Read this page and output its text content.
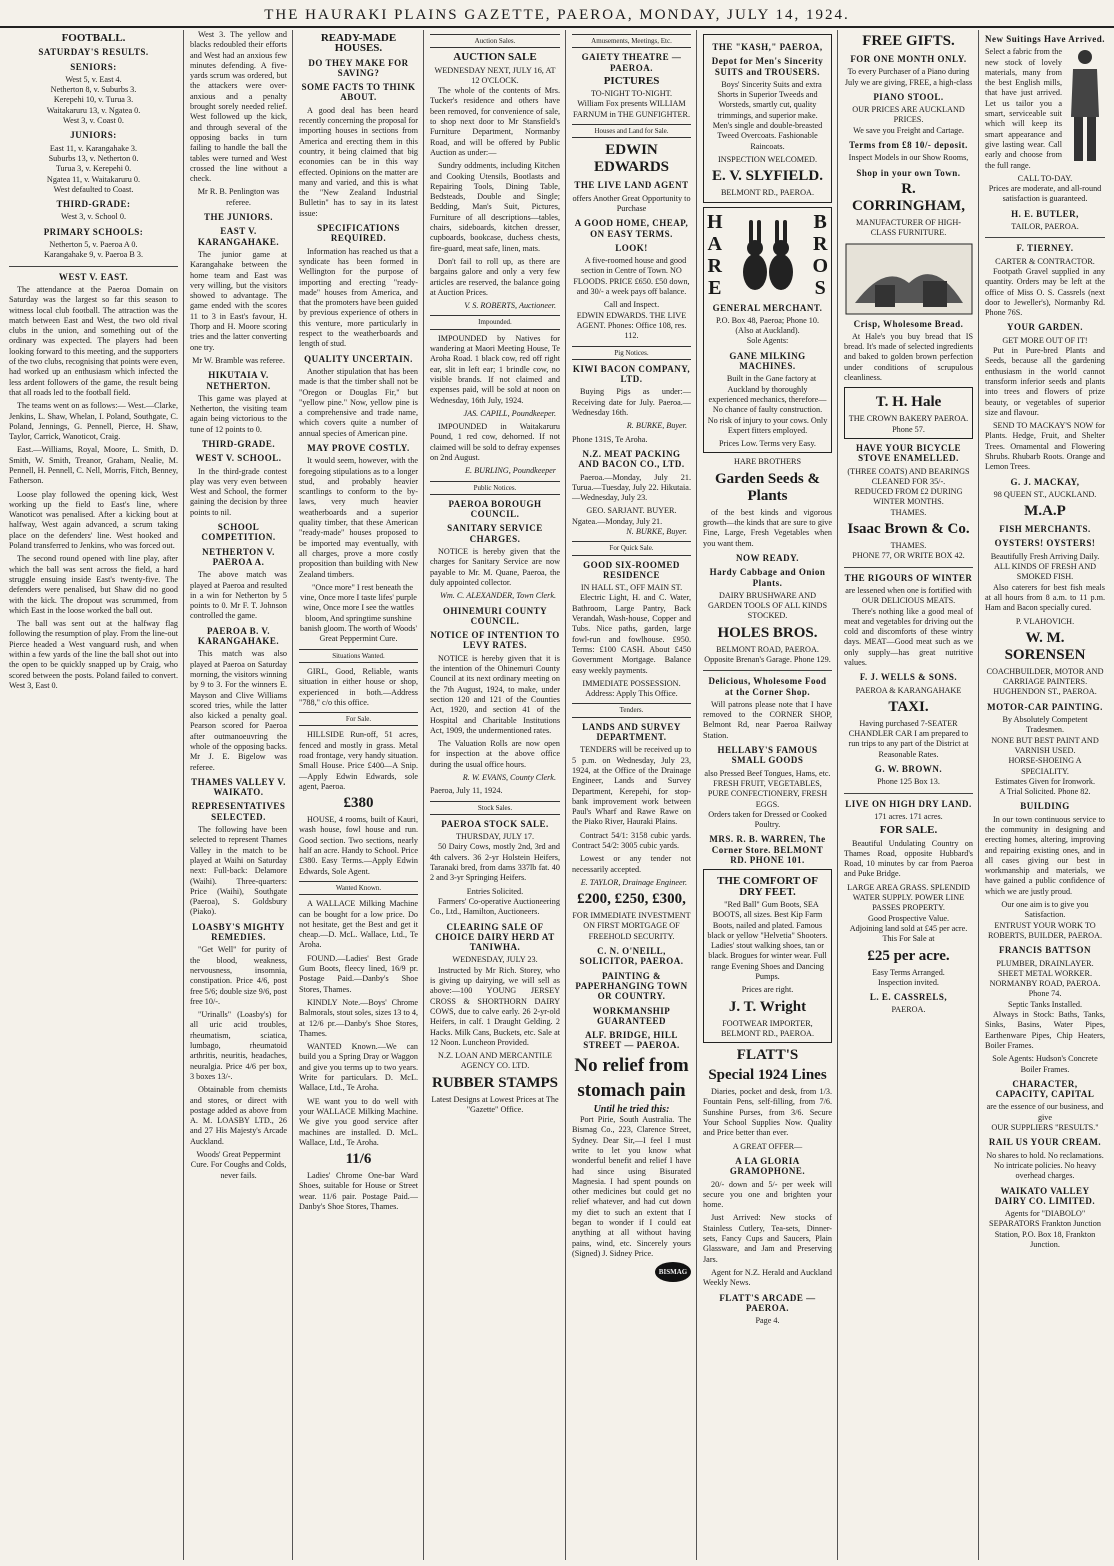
THE HAURAKI PLAINS GAZETTE, PAEROA, MONDAY, JULY 14, 1924.
FOOTBALL.
SATURDAY'S RESULTS.
SENIORS:
West 5, v. East 4.
Netherton 8, v. Suburbs 3.
Kerepehi 10, v. Turua 3.
Waitakaruru 13, v. Ngatea 0.
West 3, v. Coast 0.
JUNIORS:
East 11, v. Karangahake 3.
Suburbs 13, v. Netherton 0.
Turua 3, v. Kerepehi 0.
Ngatea 11, v. Waitakaruru 0.
West defaulted to Coast.
THIRD-GRADE:
West 3, v. School 0.
PRIMARY SCHOOLS:
Netherton 5, v. Paeroa A 0.
Karangahake 9, v. Paeroa B 3.
WEST V. EAST.

The attendance at the Paeroa Domain on Saturday was the largest so far this season to witness local club football. The attraction was the match between East and West, the two old rival clubs in the union, and something out of the ordinary was expected. The players had been looking forward to this meeting, and the supporters of the two clubs, recognising that points were even, had worked up an enthusiasm which infected the less ardent followers of the game, the result being that all roads led to the football field.

The teams went on as follows:— West.—Clarke, Jenkins, L. Shaw, Whelan, I. Poland, Southgate, C. Poland, Jennings, G. Pennell, Pierce, H. Shaw, Taylor, Carrick, Wanoticot, Craig.

East.—Williams, Royal, Moore, L. Smith, D. Smith, W. Smith, Treanor, Graham, Nealie, M. Pennell, H. Pennell, C. Nell, Morris, Fitch, Benney, Fatherson.

Loose play followed the opening kick, West working up the field to East's line, where Wanoticot was penalised. After a kicking bout at halfway, West again advanced, a scrum taking place on the defenders' line. West hooked and Poland transferred to Jenkins, who was forced out.

The second round opened with line play, after which the ball was sent across the field, a hard struggle ensuing inside East's twenty-five. The defenders were penalised, but Shaw did no good with the kick. The dropout was scrummed, from which East in the loose worked the ball out.

The ball was sent out at the halfway flag following the resumption of play. From the line-out Pierce headed a West vanguard rush, and when within a few yards of the line the ball shot out into the open to be quickly snapped up by Craig, who scored between the posts. Poland failed to convert. West 3, East 0.

West 3. The yellow and blacks redoubled their efforts and West had an anxious few minutes defending. A five-yards scrum was ordered, but the attackers were over-anxious and a penalty brought sorely needed relief. West followed up the kick, and through several of the opposing backs in turn failing to handle the ball the tables were turned and West crossed the line without a check.

Mr R. B. Penlington was referee.
THE JUNIORS.
EAST V. KARANGAHAKE.

The junior game at Karangahake between the home team and East was very willing, but the visitors showed to advantage. The game ended with the scores 11 to 3 in East's favour, H. Thorp and H. Moore scoring tries and the latter converting one try.

Mr W. Bramble was referee.
HIKUTAIA V. NETHERTON.

This game was played at Netherton, the visiting team again being victorious to the tune of 12 points to 0.

THIRD-GRADE.
WEST V. SCHOOL.

In the third-grade contest play was very even between West and School, the former gaining the decision by three points to nil.

SCHOOL COMPETITION.
NETHERTON V. PAEROA A.

The above match was played at Paeroa and resulted in a win for Netherton by 5 points to 0. Mr F. T. Johnson controlled the game.

PAEROA B. V. KARANGAHAKE.

This match was also played at Paeroa on Saturday morning, the visitors winning by 9 to 3. For the winners E. Mayson and Clive Williams scored tries, while the latter also kicked a penalty goal. Pearson scored for Paeroa after outmanoeuvring the whole of the opposing backs. Mr J. E. Bigelow was referee.

THAMES VALLEY V. WAIKATO.
REPRESENTATIVES SELECTED.

The following have been selected to represent Thames Valley in the match to be played at Waihi on Saturday next: Full-back: Delamore (Waihi). Three-quarters: Price (Waihi), Southgate (Paeroa), S. Goldsbury (Piako).

LOASBY'S MIGHTY REMEDIES.

"Get Well" for purity of the blood, weakness, nervousness, insomnia, constipation. Price 4/6, post free 5/6; double size 9/6, post free 10/-.

"Urinalls" (Loasby's) for all uric acid troubles, rheumatism, sciatica, lumbago, rheumatoid arthritis, neuritis, headaches, neuralgia. Price 4/6 per box, 3 boxes 13/-.

Obtainable from chemists and stores, or direct with postage added as above from A. M. LOASBY LTD., 26 and 27 His Majesty's Arcade Auckland.

Woods' Great Peppermint Cure. For Coughs and Colds, never fails.
READY-MADE HOUSES.
DO THEY MAKE FOR SAVING?
SOME FACTS TO THINK ABOUT.

A good deal has been heard recently concerning the proposal for importing houses in sections from America and erecting them in this country, it being claimed that big economies can be in this way effected. Opinions on the matter are many and varied, and this is what the "New Zealand Industrial Bulletin" has to say in its latest issue:

SPECIFICATIONS REQUIRED.

Information has reached us that a syndicate has been formed in Wellington for the purpose of importing and erecting "ready-made" houses from America, and that the promoters have been guided by previous experience of others in this venture, more particularly in respect to the weatherboards and length of stud.

QUALITY UNCERTAIN.

Another stipulation that has been made is that the timber shall not be "Oregon or Douglas Fir," but "yellow pine." Now, yellow pine is a comprehensive and trade name, which covers quite a number of annual species of American pine.

MAY PROVE COSTLY.

It would seem, however, with the foregoing stipulations as to a longer stud, and probably heavier scantlings to conform to the by-laws, very much heavier weatherboards and a superior quality timber, that these American "ready-made" houses proposed to be imported may eventually, with all charges, prove a more costly proposition than building with New Zealand timbers.

"Once more" I rest beneath the vine, Once more I taste lifes' purple wine, Once more I see the wattles bloom, And springtime sunshine banish gloom. The worth of Woods' Great Peppermint Cure.

Situations Wanted.

GIRL, Good, Reliable, wants situation in either house or shop, experienced in both.—Address "788," c/o this office.

For Sale.

HILLSIDE Run-off, 51 acres, fenced and mostly in grass. Metal road frontage, very handy situation. Small House. Price £400—A Snip.—Apply Edwin Edwards, sole agent, Paeroa.

£380

HOUSE, 4 rooms, built of Kauri, wash house, fowl house and run. Good section. Two sections, nearly half an acre. Handy to School. Price £380. Easy Terms.—Apply Edwin Edwards, Sole Agent.

Wanted Known.

A WALLACE Milking Machine can be bought for a low price. Do not hesitate, get the Best and get it cheap.—D. McL. Wallace, Ltd., Te Aroha.

FOUND.—Ladies' Best Grade Gum Boots, fleecy lined, 16/9 pr. Postage Paid.—Danby's Shoe Stores, Thames.

KINDLY Note.—Boys' Chrome Balmorals, stout soles, sizes 13 to 4, at 12/6 pr.—Danby's Shoe Stores, Thames.

WANTED Known.—We can build you a Spring Dray or Waggon and give you terms up to two years. Write for particulars. D. McL. Wallace, Ltd., Te Aroha.

WE want you to do well with your WALLACE Milking Machine. We give you good service after machines are installed. D. McL. Wallace, Ltd., Te Aroha.

11/6

Ladies' Chrome One-bar Ward Shoes, suitable for House or Street wear. 11/6 pair. Postage Paid.—Danby's Shoe Stores, Thames.

Auction Sales.
AUCTION SALE
WEDNESDAY NEXT, JULY 16, AT 12 O'CLOCK.

The whole of the contents of Mrs. Tucker's residence and others have been removed, for convenience of sale, to shop next door to Mr Stansfield's Furniture Department, Normanby Road, and will be offered by Public Auction as under:—

Sundry oddments, including Kitchen and Cooking Utensils, Bootlasts and Repairing Tools, Dining Table, Bedsteads, Double and Single; Bedding, Man's Suit, Pictures, Furniture of all descriptions—tables, chairs, sideboards, kitchen dresser, cupboards, bookcase, duchess chests, fire-guard, meat safe, linen, mats.

Don't fail to roll up, as there are bargains galore and only a very few articles are reserved, the balance going at Auction Prices.

V. S. ROBERTS, Auctioneer.
Impounded.

IMPOUNDED by Natives for wandering at Maori Meeting House, Te Aroha Road. 1 black cow, red off right ear, slit in left ear; 1 brindle cow, no visible brands. If not claimed and expenses paid, will be sold at noon on Wednesday, 16th July, 1924.

JAS. CAPILL, Poundkeeper.

IMPOUNDED in Waitakaruru Pound, 1 red cow, dehorned. If not claimed will be sold to defray expenses on 2nd August.

E. BURLING, Poundkeeper
Public Notices.
PAEROA BOROUGH COUNCIL.
SANITARY SERVICE CHARGES.

NOTICE is hereby given that the charges for Sanitary Service are now payable to Mr. M. Quane, Paeroa, the duly appointed collector.

Wm. C. ALEXANDER, Town Clerk.
OHINEMURI COUNTY COUNCIL.
NOTICE OF INTENTION TO LEVY RATES.

NOTICE is hereby given that it is the intention of the Ohinemuri County Council at its next ordinary meeting on the 7th August, 1924, to make, under section 120 and 121 of the Counties Act, 1920, and section 41 of the Hospital and Charitable Institutions Act, 1909, the undermentioned rates.

The Valuation Rolls are now open for inspection at the above office during the usual office hours.

R. W. EVANS, County Clerk.
Paeroa, July 11, 1924.
Stock Sales.
PAEROA STOCK SALE.
THURSDAY, JULY 17.

50 Dairy Cows, mostly 2nd, 3rd and 4th calvers. 36 2-yr Holstein Heifers, Taranaki bred, from dams 337lb fat. 40 2 and 3-yr Springing Heifers.

Entries Solicited.

Farmers' Co-operative Auctioneering Co., Ltd., Hamilton, Auctioneers.

CLEARING SALE OF CHOICE DAIRY HERD AT TANIWHA.
WEDNESDAY, JULY 23.

Instructed by Mr Rich. Storey, who is giving up dairying, we will sell as above:—100 YOUNG JERSEY CROSS & SHORTHORN DAIRY COWS, due to calve early. 26 2-yr-old Heifers, in calf. 1 Draught Gelding. 2 Hacks. Milk Cans, Buckets, etc. Sale at 12 Noon. Luncheon Provided.

N.Z. LOAN AND MERCANTILE AGENCY CO. LTD.
RUBBER STAMPS
Latest Designs at Lowest Prices at The "Gazette" Office.
Amusements, Meetings, Etc.
GAIETY THEATRE — PAEROA.
PICTURES
TO-NIGHT TO-NIGHT.
William Fox presents WILLIAM FARNUM in THE GUNFIGHTER.
Houses and Land for Sale.
EDWIN EDWARDS
THE LIVE LAND AGENT
offers Another Great Opportunity to Purchase
A GOOD HOME, CHEAP, ON EASY TERMS.
LOOK!

A five-roomed house and good section in Centre of Town. NO FLOODS. PRICE £650. £50 down, and 30/- a week pays off balance.

Call and Inspect.
EDWIN EDWARDS. THE LIVE AGENT. Phones: Office 108, res. 112.
Pig Notices.
KIWI BACON COMPANY, LTD.

Buying Pigs as under:— Receiving date for July. Paeroa.—Wednesday 16th.

R. BURKE, Buyer.
Phone 131S, Te Aroha.
N.Z. MEAT PACKING AND BACON CO., LTD.

Paeroa.—Monday, July 21. Turua.—Tuesday, July 22. Hikutaia.—Wednesday, July 23.

GEO. SARJANT. BUYER.
Ngatea.—Monday, July 21.
N. BURKE, Buyer.
For Quick Sale.
GOOD SIX-ROOMED RESIDENCE
IN HALL ST., OFF MAIN ST.

Electric Light, H. and C. Water, Bathroom, Large Pantry, Back Verandah, Wash-house, Copper and Tubs. Nice paths, garden, large fowl-run and fowlhouse. £950. Terms: £100 CASH. About £450 Government Mortgage. Balance easy weekly payments.

IMMEDIATE POSSESSION.
Address: Apply This Office.
Tenders.
LANDS AND SURVEY DEPARTMENT.

TENDERS will be received up to 5 p.m. on Wednesday, July 23, 1924, at the Office of the Drainage Engineer, Lands and Survey Department, Kerepehi, for stop-bank improvement work between Paul's Wharf and Rawe Rawe on the Piako River, Hauraki Plains.

Contract 54/1: 3158 cubic yards. Contract 54/2: 3005 cubic yards.

Lowest or any tender not necessarily accepted.

E. TAYLOR, Drainage Engineer.
£200, £250, £300,
FOR IMMEDIATE INVESTMENT ON FIRST MORTGAGE OF FREEHOLD SECURITY.
C. N. O'NEILL, SOLICITOR, PAEROA.
PAINTING & PAPERHANGING TOWN OR COUNTRY.
WORKMANSHIP GUARANTEED
ALF. BRIDGE, HILL STREET — PAEROA.
No relief from
stomach pain
Until he tried this:

Port Pirie, South Australia. The Bismag Co., 223, Clarence Street, Sydney. Dear Sir,—I feel I must write to let you know what wonderful benefit and relief I have had since using Bisurated Magnesia. I had spent pounds on other medicines but could get no relief whatever, and had cut down my diet to such an extent that I began to wonder if I could eat anything at all without having pains, wind, etc. Sincerely yours (Signed) J. Sidney Price.

BISMAG
THE "KASH," PAEROA,
Depot for Men's Sincerity SUITS and TROUSERS.

Boys' Sincerity Suits and extra Shorts in Superior Tweeds and Worsteds, smartly cut, quality trimmings, and superior make. Men's single and double-breasted Tweed Overcoats. Fashionable Raincoats.

INSPECTION WELCOMED.
E. V. SLYFIELD.
BELMONT RD., PAEROA.
H
A
R
E
B
R
O
S
GENERAL MERCHANT.
P.O. Box 48, Paeroa; Phone 10. (Also at Auckland).
Sole Agents:
GANE MILKING MACHINES.

Built in the Gane factory at Auckland by thoroughly experienced mechanics, therefore— No chance of faulty construction. No risk of injury to your cows. Only Expert fitters employed.

Prices Low. Terms very Easy.
HARE BROTHERS
Garden Seeds & Plants

of the best kinds and vigorous growth—the kinds that are sure to give Fine, Large, Fresh Vegetables when you want them.

NOW READY.
Hardy Cabbage and Onion Plants.
DAIRY BRUSHWARE AND GARDEN TOOLS OF ALL KINDS STOCKED.
HOLES BROS.
BELMONT ROAD, PAEROA. Opposite Brenan's Garage. Phone 129.
Delicious, Wholesome Food at the Corner Shop.

Will patrons please note that I have removed to the CORNER SHOP, Belmont Rd, near Paeroa Railway Station.

HELLABY'S FAMOUS SMALL GOODS
also Pressed Beef Tongues, Hams, etc.
FRESH FRUIT, VEGETABLES, PURE CONFECTIONERY, FRESH EGGS.
Orders taken for Dressed or Cooked Poultry.
MRS. R. B. WARREN, The Corner Store. BELMONT RD. PHONE 101.
THE COMFORT OF DRY FEET.

"Red Ball" Gum Boots, SEA BOOTS, all sizes. Best Kip Farm Boots, nailed and plated. Famous black or yellow "Helvetia" Shooters. Ladies' stout walking shoes, tan or black. Brogues for winter wear. Full range Evening Shoes and Dancing Pumps.

Prices are right.
J. T. Wright
FOOTWEAR IMPORTER, BELMONT RD., PAEROA.
FLATT'S
Special 1924 Lines

Diaries, pocket and desk, from 1/3. Fountain Pens, self-filling, from 7/6. Sunshine Purses, from 3/6. Secure Your School Supplies Now. Quality and Price better than ever.

A GREAT OFFER—
A LA GLORIA GRAMOPHONE.

20/- down and 5/- per week will secure you one and brighten your home.

Just Arrived: New stocks of Stainless Cutlery, Tea-sets, Dinner-sets, Fancy Cups and Saucers, Plain Glassware, and Jam and Preserving Jars.

Agent for N.Z. Herald and Auckland Weekly News.

FLATT'S ARCADE — PAEROA.
Page 4.
FREE GIFTS.
FOR ONE MONTH ONLY.
To every Purchaser of a Piano during July we are giving, FREE, a high-class
PIANO STOOL.
OUR PRICES ARE AUCKLAND PRICES.
We save you Freight and Cartage.
Terms from £8 10/- deposit.
Inspect Models in our Show Rooms,
Shop in your own Town.
R. CORRINGHAM,
MANUFACTURER OF HIGH-CLASS FURNITURE.
Crisp, Wholesome Bread.

At Hale's you buy bread that IS bread. It's made of selected ingredients and baked to golden brown perfection under conditions of scrupulous cleanliness.

T. H. Hale
THE CROWN BAKERY PAEROA. Phone 57.
HAVE YOUR BICYCLE STOVE ENAMELLED.
(THREE COATS) AND BEARINGS CLEANED FOR 35/-.
REDUCED FROM £2 DURING WINTER MONTHS.
THAMES.
Isaac Brown & Co.
THAMES.
PHONE 77, OR WRITE BOX 42.
THE RIGOURS OF WINTER
are lessened when one is fortified with OUR DELICIOUS MEATS.

There's nothing like a good meal of meat and vegetables for driving out the cold and discomforts of these wintry days. MEAT—Good meat such as we only supply—has great nutritive values.

F. J. WELLS & SONS.
PAEROA & KARANGAHAKE
TAXI.
Having purchased 7-SEATER CHANDLER CAR I am prepared to run trips to any part of the District at Reasonable Rates.
G. W. BROWN.
Phone 125 Box 13.
LIVE ON HIGH DRY LAND.
171 acres. 171 acres.
FOR SALE.

Beautiful Undulating Country on Thames Road, opposite Hubbard's Road, 10 minutes by car from Paeroa and Puke Bridge.

LARGE AREA GRASS. SPLENDID WATER SUPPLY. POWER LINE PASSES PROPERTY.
Good Prospective Value.
Adjoining land sold at £45 per acre. This For Sale at
£25 per acre.
Easy Terms Arranged.
Inspection invited.
L. E. CASSRELS,
PAEROA.
New Suitings Have Arrived.

Select a fabric from the new stock of lovely materials, many from the best English mills, that have just arrived. Let us tailor you a smart, serviceable suit which will keep its smart appearance and give lasting wear. Call early and choose from the full range.

CALL TO-DAY.
Prices are moderate, and all-round satisfaction is guaranteed.
H. E. BUTLER,
TAILOR, PAEROA.
F. TIERNEY.
CARTER & CONTRACTOR.

Footpath Gravel supplied in any quantity. Orders may be left at the office of Miss O. S. Cassrels (next door to Jeweller's), Normanby Rd. Phone 76S.

YOUR GARDEN.
GET MORE OUT OF IT!

Put in Pure-bred Plants and Seeds, because all the gardening enthusiasm in the world cannot transform inferior seeds and plants into trees and flowers of prize beauty, or vegetables of superior size and flavour.

SEND TO MACKAY'S NOW for Plants. Hedge, Fruit, and Shelter Trees. Ornamental and Flowering Shrubs. Rhubarb Roots. Orange and Lemon Trees.

G. J. MACKAY,
98 QUEEN ST., AUCKLAND.
M.A.P
FISH MERCHANTS.
OYSTERS! OYSTERS!
Beautifully Fresh Arriving Daily.
ALL KINDS OF FRESH AND SMOKED FISH.

Also caterers for best fish meals at all hours from 8 a.m. to 11 p.m. Ham and Bacon specially cured.

P. VLAHOVICH.
W. M. SORENSEN
COACHBUILDER, MOTOR AND CARRIAGE PAINTERS. HUGHENDON ST., PAEROA.
MOTOR-CAR PAINTING.
By Absolutely Competent Tradesmen.
NONE BUT BEST PAINT AND VARNISH USED.
HORSE-SHOEING A SPECIALITY.
Estimates Given for Ironwork.
A Trial Solicited. Phone 82.
BUILDING

In our town continuous service to the community in designing and erecting homes, altering, improving and repairing existing ones, and in all cases giving our best in workmanship and materials, we have gained a public confidence of which we are justly proud.

Our one aim is to give you Satisfaction.
ENTRUST YOUR WORK TO ROBERTS, BUILDER, PAEROA.
FRANCIS BATTSON
PLUMBER, DRAINLAYER. SHEET METAL WORKER.
NORMANBY ROAD, PAEROA. Phone 74.
Septic Tanks Installed.

Always in Stock: Baths, Tanks, Sinks, Basins, Water Pipes, Earthenware Pipes, Chip Heaters, Boiler Frames.

Sole Agents: Hudson's Concrete Boiler Frames.
CHARACTER, CAPACITY, CAPITAL
are the essence of our business, and give
OUR SUPPLIERS "RESULTS."
RAIL US YOUR CREAM.
No shares to hold. No reclamations. No intricate policies. No heavy overhead charges.
WAIKATO VALLEY DAIRY CO. LIMITED.
Agents for "DIABOLO" SEPARATORS Frankton Junction Station, P.O. Box 18, Frankton Junction.
